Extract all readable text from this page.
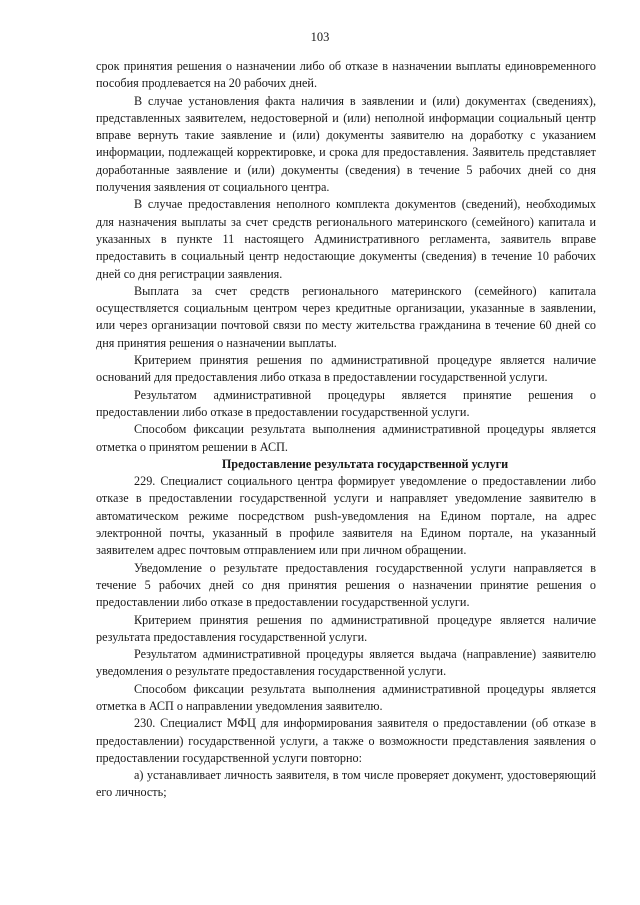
103

срок принятия решения о назначении либо об отказе в назначении выплаты единовременного пособия продлевается на 20 рабочих дней.

В случае установления факта наличия в заявлении и (или) документах (сведениях), представленных заявителем, недостоверной и (или) неполной информации социальный центр вправе вернуть такие заявление и (или) документы заявителю на доработку с указанием информации, подлежащей корректировке, и срока для предоставления. Заявитель представляет доработанные заявление и (или) документы (сведения) в течение 5 рабочих дней со дня получения заявления от социального центра.

В случае предоставления неполного комплекта документов (сведений), необходимых для назначения выплаты за счет средств регионального материнского (семейного) капитала и указанных в пункте 11 настоящего Административного регламента, заявитель вправе предоставить в социальный центр недостающие документы (сведения) в течение 10 рабочих дней со дня регистрации заявления.

Выплата за счет средств регионального материнского (семейного) капитала осуществляется социальным центром через кредитные организации, указанные в заявлении, или через организации почтовой связи по месту жительства гражданина в течение 60 дней со дня принятия решения о назначении выплаты.

Критерием принятия решения по административной процедуре является наличие оснований для предоставления либо отказа в предоставлении государственной услуги.

Результатом административной процедуры является принятие решения о предоставлении либо отказе в предоставлении государственной услуги.

Способом фиксации результата выполнения административной процедуры является отметка о принятом решении в АСП.

Предоставление результата государственной услуги

229. Специалист социального центра формирует уведомление о предоставлении либо отказе в предоставлении государственной услуги и направляет уведомление заявителю в автоматическом режиме посредством push-уведомления на Едином портале, на адрес электронной почты, указанный в профиле заявителя на Едином портале, на указанный заявителем адрес почтовым отправлением или при личном обращении.

Уведомление о результате предоставления государственной услуги направляется в течение 5 рабочих дней со дня принятия решения о назначении принятие решения о предоставлении либо отказе в предоставлении государственной услуги.

Критерием принятия решения по административной процедуре является наличие результата предоставления государственной услуги.

Результатом административной процедуры является выдача (направление) заявителю уведомления о результате предоставления государственной услуги.

Способом фиксации результата выполнения административной процедуры является отметка в АСП о направлении уведомления заявителю.

230. Специалист МФЦ для информирования заявителя о предоставлении (об отказе в предоставлении) государственной услуги, а также о возможности представления заявления о предоставлении государственной услуги повторно:

а) устанавливает личность заявителя, в том числе проверяет документ, удостоверяющий его личность;
